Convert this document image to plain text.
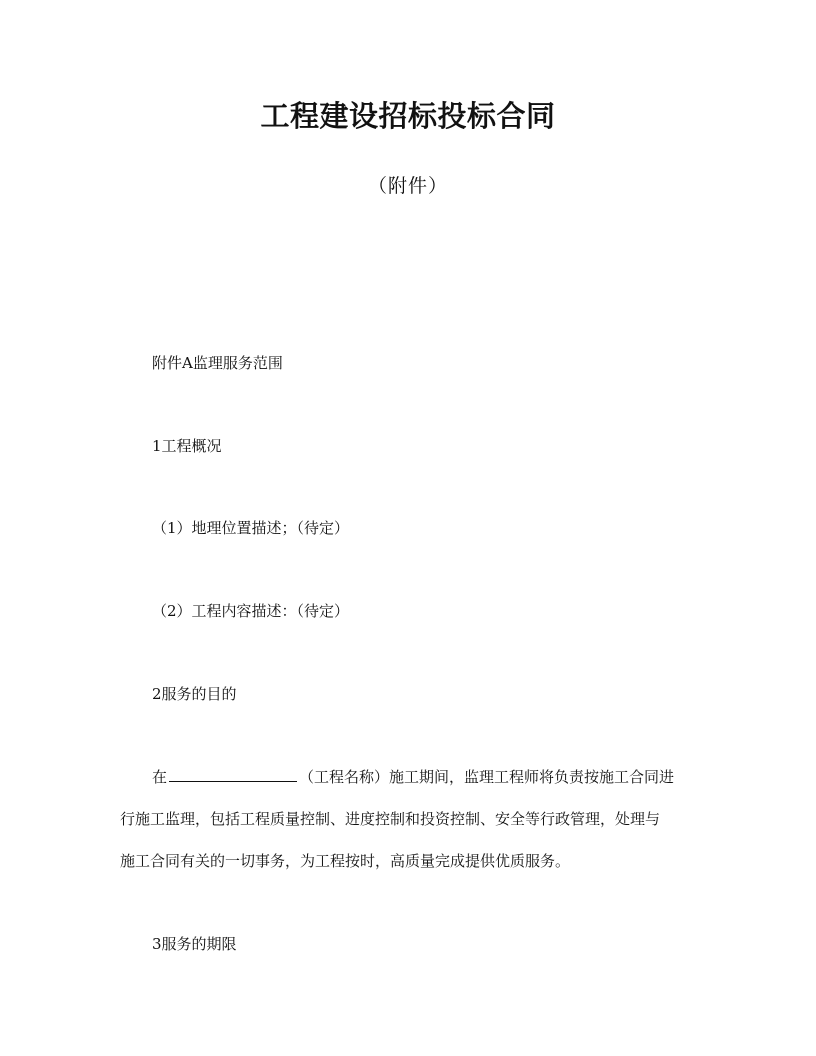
工程建设招标投标合同
（附件）
附件A监理服务范围
1工程概况
（1）地理位置描述；（待定）
（2）工程内容描述：（待定）
2服务的目的
在	（工程名称）施工期间，监理工程师将负责按施工合同进
行施工监理，包括工程质量控制、进度控制和投资控制、安全等行政管理，处理与
施工合同有关的一切事务，为工程按时，高质量完成提供优质服务。
3服务的期限
